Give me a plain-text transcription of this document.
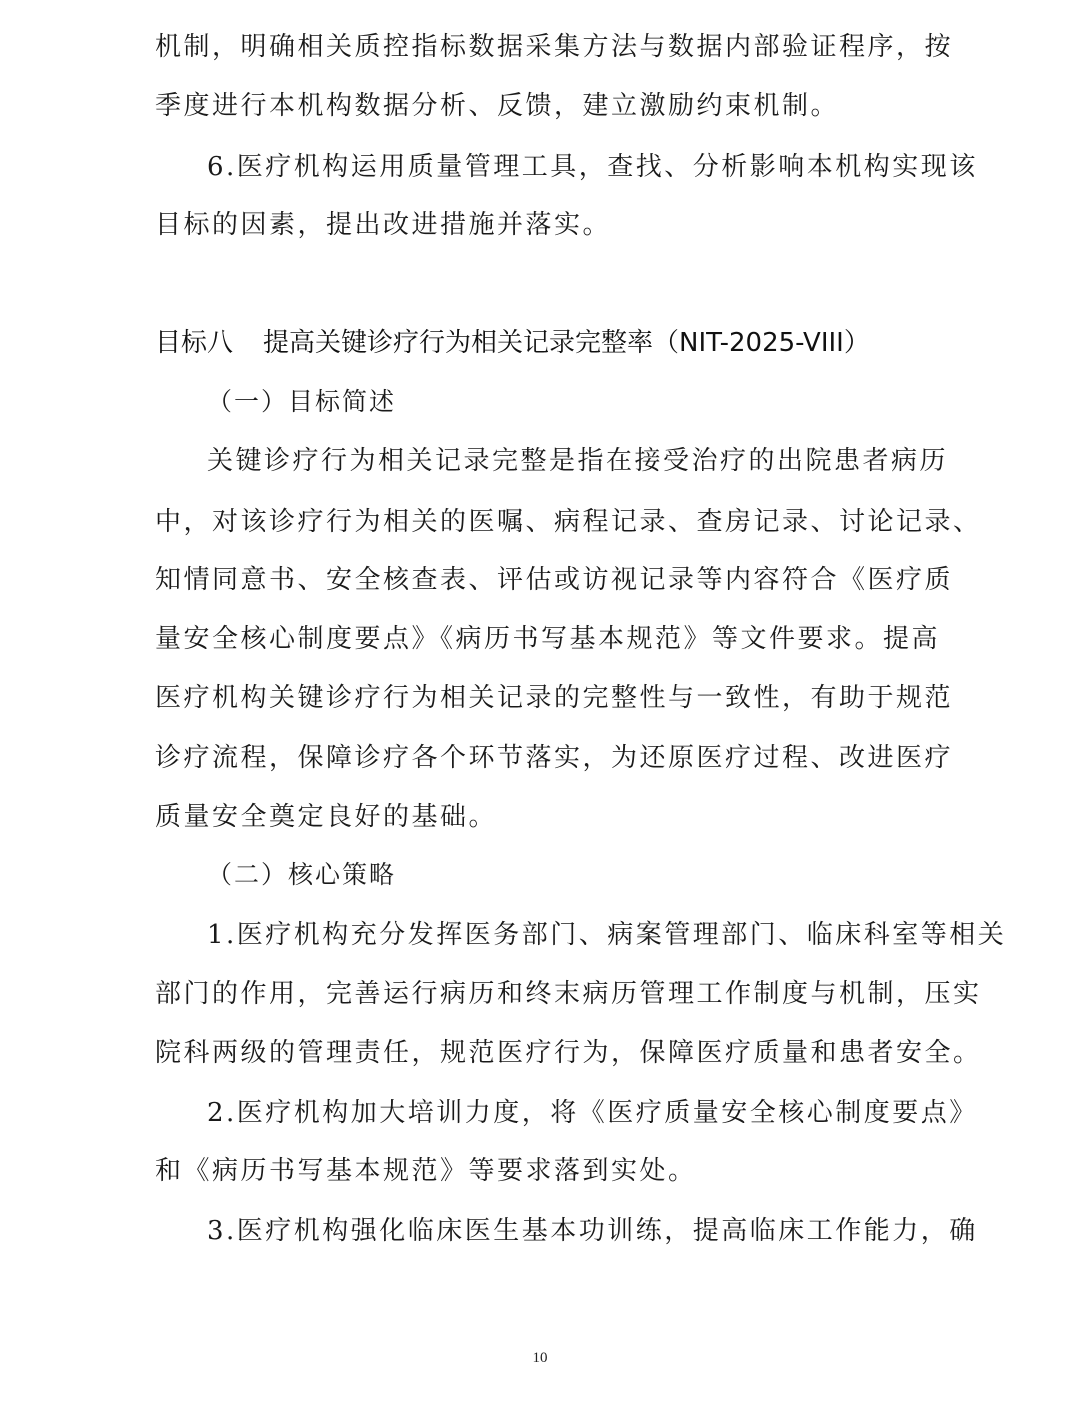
机制，明确相关质控指标数据采集方法与数据内部验证程序，按
季度进行本机构数据分析、反馈，建立激励约束机制。
6.医疗机构运用质量管理工具，查找、分析影响本机构实现该
目标的因素，提出改进措施并落实。
目标八 提高关键诊疗行为相关记录完整率（NIT-2025-VIII）
（一）目标简述
关键诊疗行为相关记录完整是指在接受治疗的出院患者病历
中，对该诊疗行为相关的医嘱、病程记录、查房记录、讨论记录、
知情同意书、安全核查表、评估或访视记录等内容符合《医疗质
量安全核心制度要点》《病历书写基本规范》等文件要求。提高
医疗机构关键诊疗行为相关记录的完整性与一致性，有助于规范
诊疗流程，保障诊疗各个环节落实，为还原医疗过程、改进医疗
质量安全奠定良好的基础。
（二）核心策略
1.医疗机构充分发挥医务部门、病案管理部门、临床科室等相关
部门的作用，完善运行病历和终末病历管理工作制度与机制，压实
院科两级的管理责任，规范医疗行为，保障医疗质量和患者安全。
2.医疗机构加大培训力度，将《医疗质量安全核心制度要点》
和《病历书写基本规范》等要求落到实处。
3.医疗机构强化临床医生基本功训练，提高临床工作能力，确
10
